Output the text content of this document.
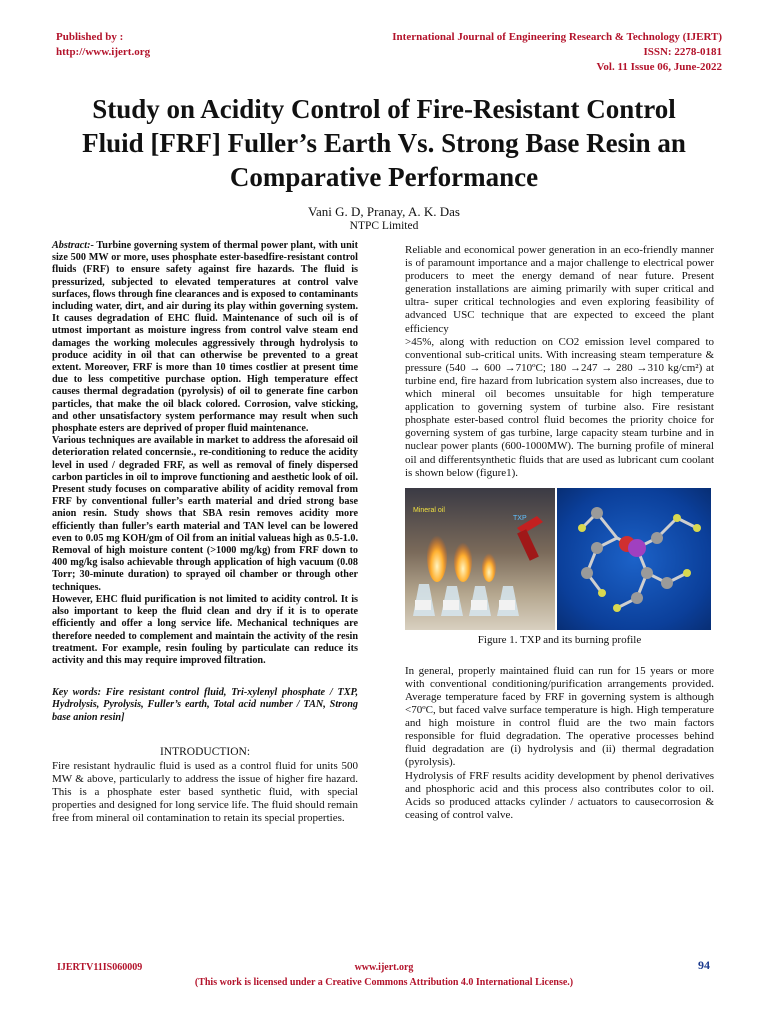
Published by :
http://www.ijert.org
International Journal of Engineering Research & Technology (IJERT)
ISSN: 2278-0181
Vol. 11 Issue 06, June-2022
Study on Acidity Control of Fire-Resistant Control Fluid [FRF] Fuller’s Earth Vs. Strong Base Resin an Comparative Performance
Vani G. D, Pranay, A. K. Das
NTPC Limited

Abstract:- Turbine governing system of thermal power plant, with unit size 500 MW or more, uses phosphate ester-basedfire-resistant control fluids (FRF) to ensure safety against fire hazards. The fluid is pressurized, subjected to elevated temperatures at control valve surfaces, flows through fine clearances and is exposed to contaminants including water, dirt, and air during its play within governing system. It causes degradation of EHC fluid. Maintenance of such oil is of utmost important as moisture ingress from control valve steam end damages the working molecules aggressively through hydrolysis to produce acidity in oil that can otherwise be prevented to a great extent. Moreover, FRF is more than 10 times costlier at present time due to less competitive purchase option. High temperature effect causes thermal degradation (pyrolysis) of oil to generate fine carbon particles, that make the oil black colored. Corrosion, valve sticking, and other unsatisfactory system performance may result when such phosphate esters are deprived of proper fluid maintenance.

Various techniques are available in market to address the aforesaid oil deterioration related concernsie., re-conditioning to reduce the acidity level in used / degraded FRF, as well as removal of finely dispersed carbon particles in oil to improve functioning and aesthetic look of oil. Present study focuses on comparative ability of acidity removal from FRF by conventional fuller’s earth material and dried strong base anion resin. Study shows that SBA resin removes acidity more efficiently than fuller’s earth material and TAN level can be lowered even to 0.05 mg KOH/gm of Oil from an initial valueas high as 0.5-1.0. Removal of high moisture content (>1000 mg/kg) from FRF down to 400 mg/kg isalso achievable through application of high vacuum (0.08 Torr; 30-minute duration) to sprayed oil chamber or through other techniques.

However, EHC fluid purification is not limited to acidity control. It is also important to keep the fluid clean and dry if it is to operate efficiently and offer a long service life. Mechanical techniques are therefore needed to complement and maintain the activity of the resin treatment. For example, resin fouling by particulate can reduce its activity and this may require improved filtration.

Key words: Fire resistant control fluid, Tri-xylenyl phosphate / TXP, Hydrolysis, Pyrolysis, Fuller’s earth, Total acid number / TAN, Strong base anion resin]
INTRODUCTION:

Fire resistant hydraulic fluid is used as a control fluid for units 500 MW & above, particularly to address the issue of higher fire hazard. This is a phosphate ester based synthetic fluid, with special properties and designed for long service life. The fluid should remain free from mineral oil contamination to retain its special properties.

Reliable and economical power generation in an eco-friendly manner is of paramount importance and a major challenge to electrical power producers to meet the energy demand of near future. Present generation installations are aiming primarily with super critical and ultra- super critical technologies and even exploring feasibility of advanced USC technique that are expected to exceed the plant efficiency

>45%, along with reduction on CO2 emission level compared to conventional sub-critical units. With increasing steam temperature & pressure (540 → 600 →710ºC; 180 →247 → 280 →310 kg/cm²) at turbine end, fire hazard from lubrication system also increases, due to which mineral oil becomes unsuitable for high temperature application to governing system of turbine also. Fire resistant phosphate ester-based control fluid becomes the priority choice for governing system of gas turbine, large capacity steam turbine and in nuclear power plants (600-1000MW). The burning profile of mineral oil and differentsynthetic fluids that are used as lubricant cum coolant is shown below (figure1).

Mineral oil
TXP
Figure 1. TXP and its burning profile

In general, properly maintained fluid can run for 15 years or more with conventional conditioning/purification arrangements provided. Average temperature faced by FRF in governing system is although <70ºC, but faced valve surface temperature is high. High temperature and high moisture in control fluid are the two main factors responsible for fluid degradation. The operative processes behind fluid degradation are (i) hydrolysis and (ii) thermal degradation (pyrolysis).

Hydrolysis of FRF results acidity development by phenol derivatives and phosphoric acid and this process also contributes color to oil. Acids so produced attacks cylinder / actuators to causecorrosion & ceasing of control valve.

IJERTV11IS060009	www.ijert.org	94
(This work is licensed under a Creative Commons Attribution 4.0 International License.)
